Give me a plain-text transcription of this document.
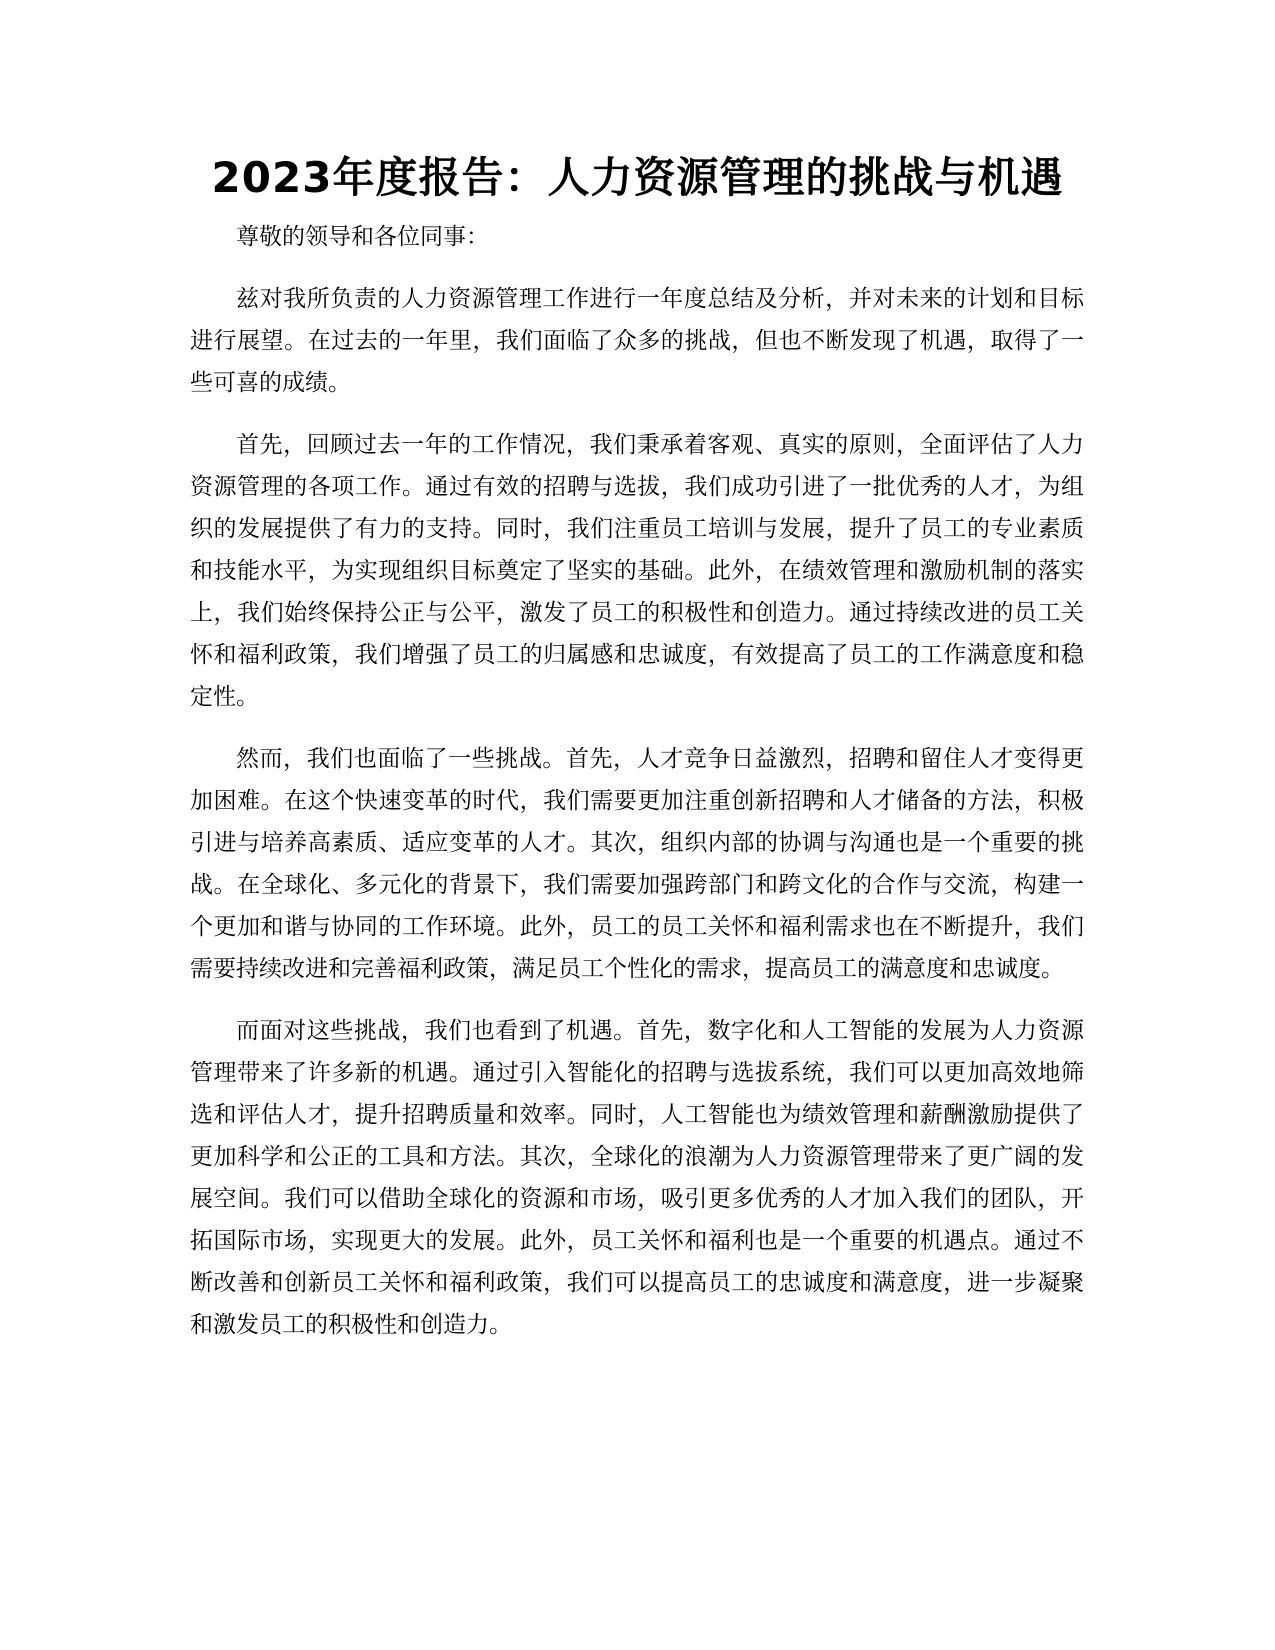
2023年度报告：人力资源管理的挑战与机遇

尊敬的领导和各位同事：

兹对我所负责的人力资源管理工作进行一年度总结及分析，并对未来的计划和目标进行展望。在过去的一年里，我们面临了众多的挑战，但也不断发现了机遇，取得了一些可喜的成绩。

首先，回顾过去一年的工作情况，我们秉承着客观、真实的原则，全面评估了人力资源管理的各项工作。通过有效的招聘与选拔，我们成功引进了一批优秀的人才，为组织的发展提供了有力的支持。同时，我们注重员工培训与发展，提升了员工的专业素质和技能水平，为实现组织目标奠定了坚实的基础。此外，在绩效管理和激励机制的落实上，我们始终保持公正与公平，激发了员工的积极性和创造力。通过持续改进的员工关怀和福利政策，我们增强了员工的归属感和忠诚度，有效提高了员工的工作满意度和稳定性。

然而，我们也面临了一些挑战。首先，人才竞争日益激烈，招聘和留住人才变得更加困难。在这个快速变革的时代，我们需要更加注重创新招聘和人才储备的方法，积极引进与培养高素质、适应变革的人才。其次，组织内部的协调与沟通也是一个重要的挑战。在全球化、多元化的背景下，我们需要加强跨部门和跨文化的合作与交流，构建一个更加和谐与协同的工作环境。此外，员工的员工关怀和福利需求也在不断提升，我们需要持续改进和完善福利政策，满足员工个性化的需求，提高员工的满意度和忠诚度。

而面对这些挑战，我们也看到了机遇。首先，数字化和人工智能的发展为人力资源管理带来了许多新的机遇。通过引入智能化的招聘与选拔系统，我们可以更加高效地筛选和评估人才，提升招聘质量和效率。同时，人工智能也为绩效管理和薪酬激励提供了更加科学和公正的工具和方法。其次，全球化的浪潮为人力资源管理带来了更广阔的发展空间。我们可以借助全球化的资源和市场，吸引更多优秀的人才加入我们的团队，开拓国际市场，实现更大的发展。此外，员工关怀和福利也是一个重要的机遇点。通过不断改善和创新员工关怀和福利政策，我们可以提高员工的忠诚度和满意度，进一步凝聚和激发员工的积极性和创造力。
